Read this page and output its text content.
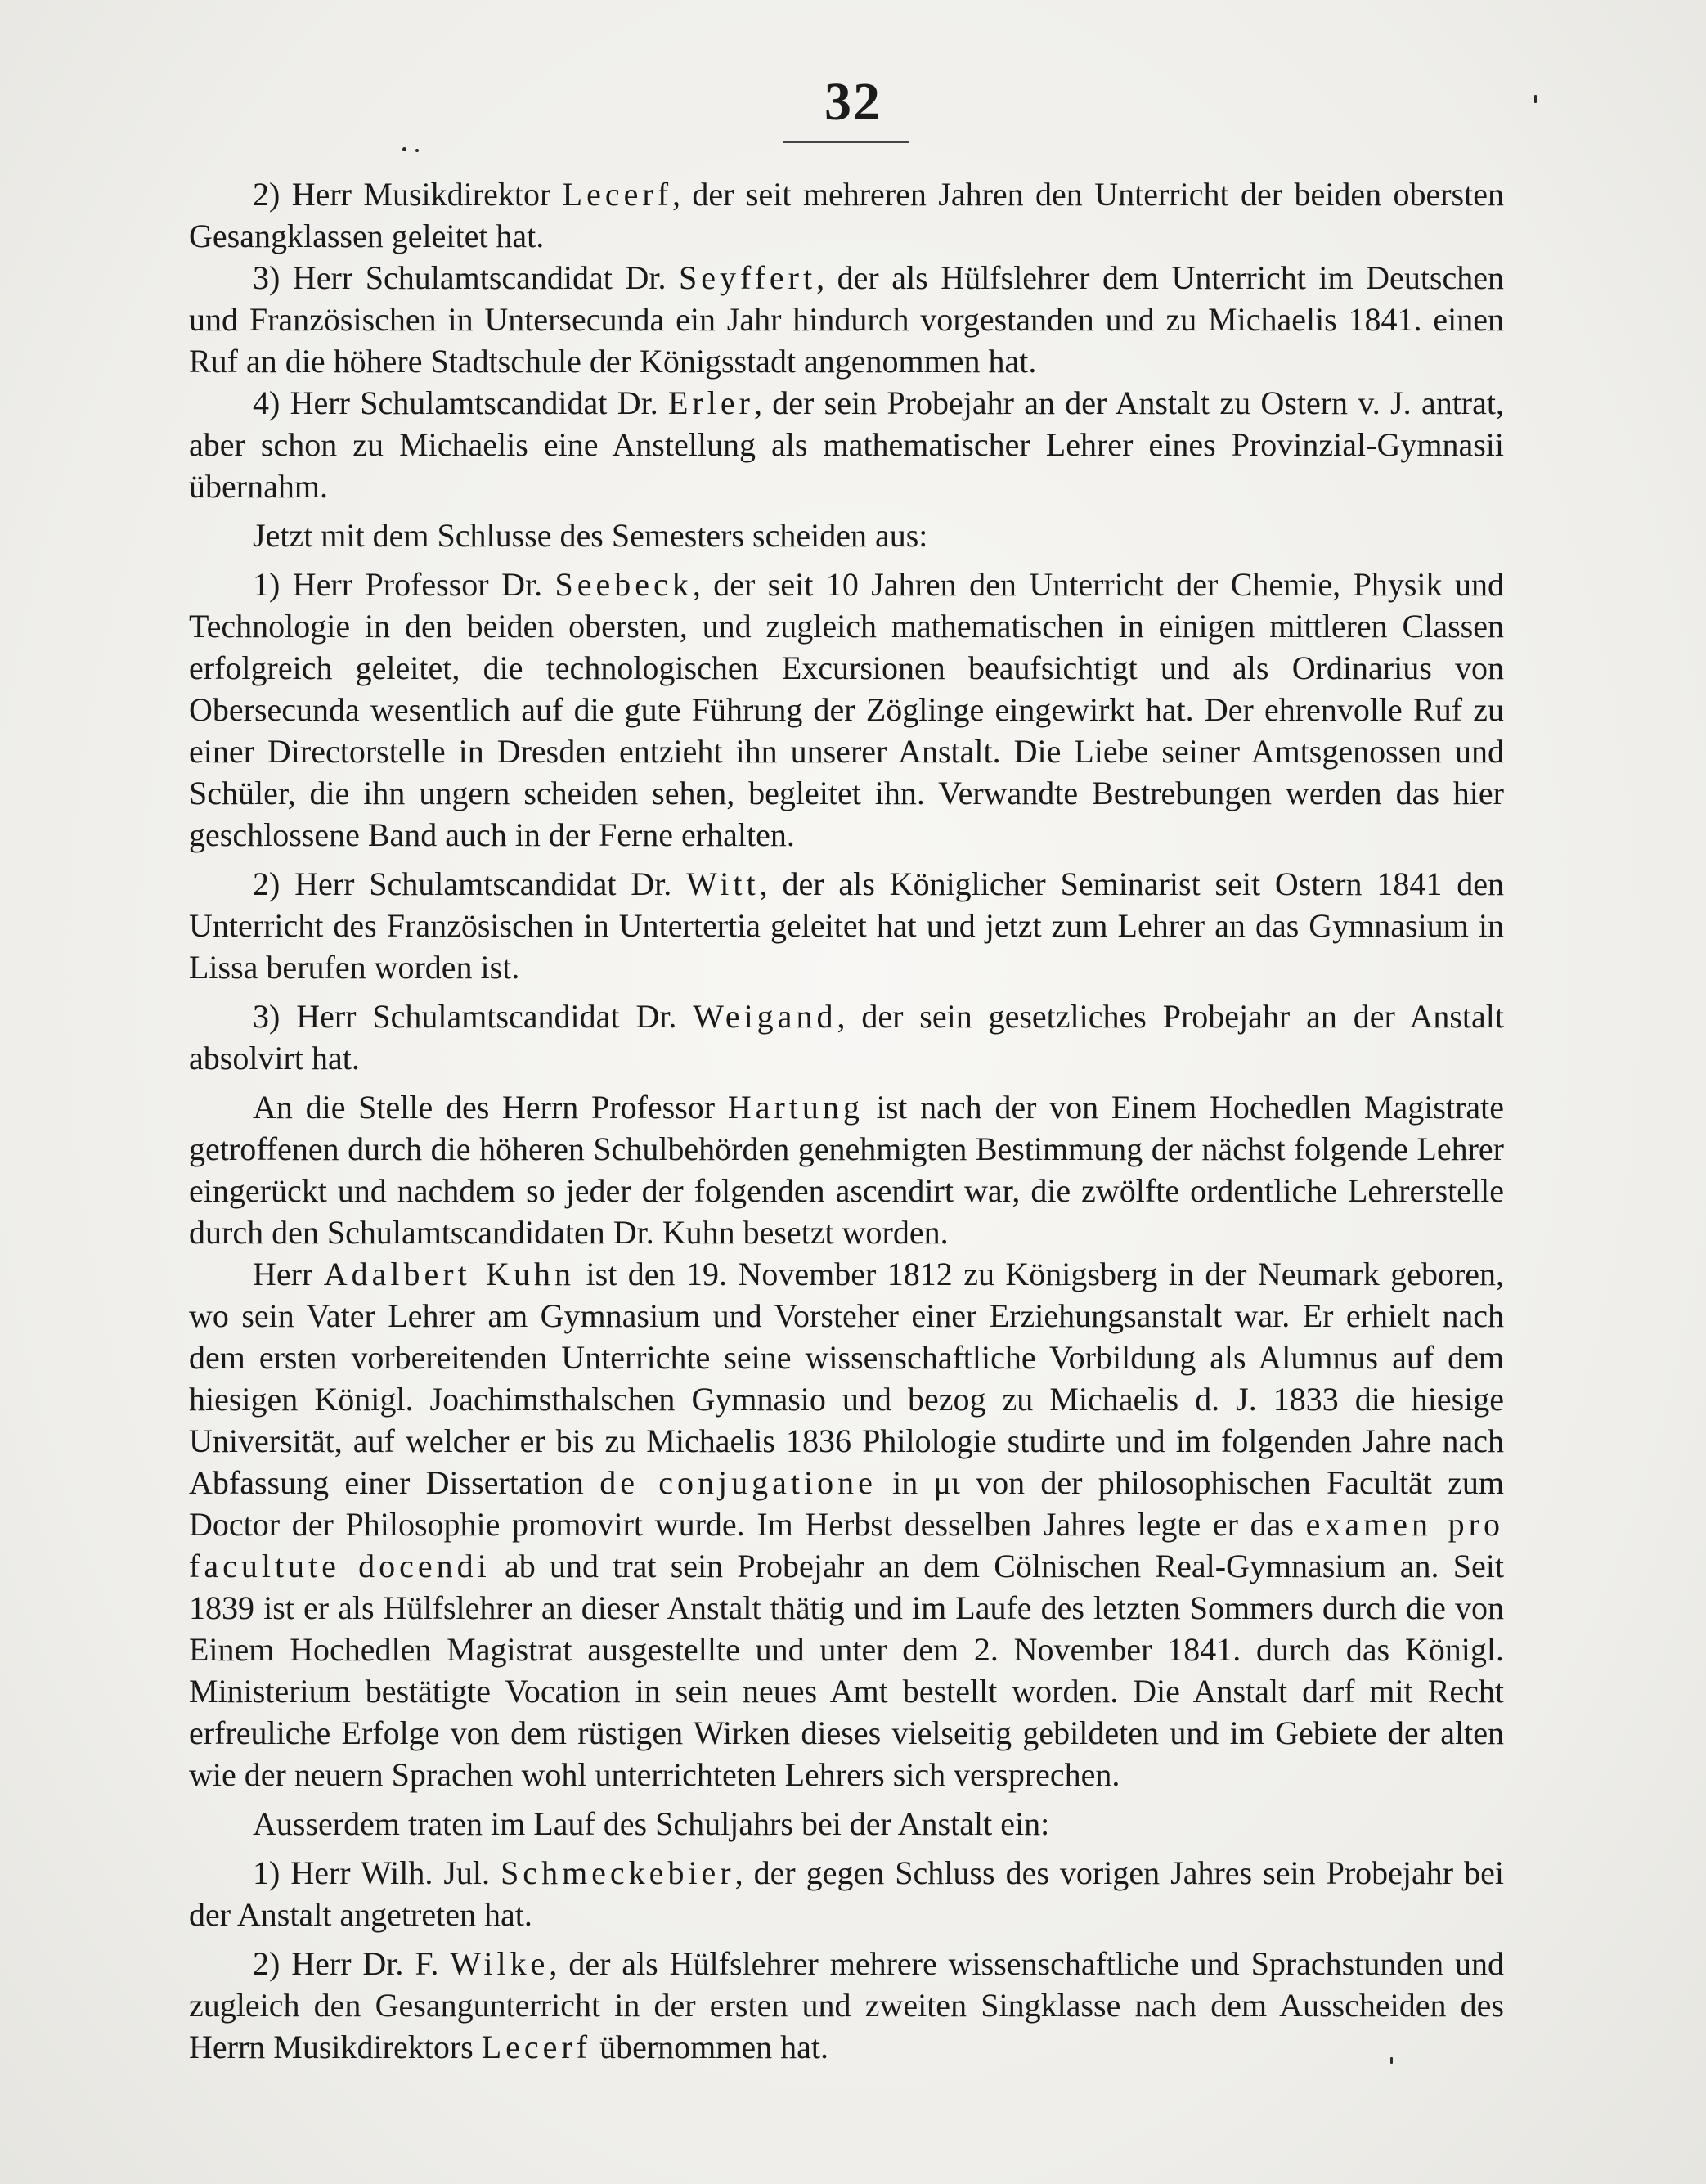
32

2) Herr Musikdirektor Lecerf, der seit mehreren Jahren den Unterricht der beiden obersten Gesangklassen geleitet hat.

3) Herr Schulamtscandidat Dr. Seyffert, der als Hülfslehrer dem Unterricht im Deutschen und Französischen in Untersecunda ein Jahr hindurch vorgestanden und zu Michaelis 1841. einen Ruf an die höhere Stadtschule der Königsstadt angenommen hat.

4) Herr Schulamtscandidat Dr. Erler, der sein Probejahr an der Anstalt zu Ostern v. J. antrat, aber schon zu Michaelis eine Anstellung als mathematischer Lehrer eines Provinzial-Gymnasii übernahm.

Jetzt mit dem Schlusse des Semesters scheiden aus:

1) Herr Professor Dr. Seebeck, der seit 10 Jahren den Unterricht der Chemie, Physik und Technologie in den beiden obersten, und zugleich mathematischen in einigen mittleren Classen erfolgreich geleitet, die technologischen Excursionen beaufsichtigt und als Ordinarius von Obersecunda wesentlich auf die gute Führung der Zöglinge eingewirkt hat. Der ehrenvolle Ruf zu einer Directorstelle in Dresden entzieht ihn unserer Anstalt. Die Liebe seiner Amtsgenossen und Schüler, die ihn ungern scheiden sehen, begleitet ihn. Verwandte Bestrebungen werden das hier geschlossene Band auch in der Ferne erhalten.

2) Herr Schulamtscandidat Dr. Witt, der als Königlicher Seminarist seit Ostern 1841 den Unterricht des Französischen in Untertertia geleitet hat und jetzt zum Lehrer an das Gymnasium in Lissa berufen worden ist.

3) Herr Schulamtscandidat Dr. Weigand, der sein gesetzliches Probejahr an der Anstalt absolvirt hat.

An die Stelle des Herrn Professor Hartung ist nach der von Einem Hochedlen Magistrate getroffenen durch die höheren Schulbehörden genehmigten Bestimmung der nächst folgende Lehrer eingerückt und nachdem so jeder der folgenden ascendirt war, die zwölfte ordentliche Lehrerstelle durch den Schulamtscandidaten Dr. Kuhn besetzt worden.

Herr Adalbert Kuhn ist den 19. November 1812 zu Königsberg in der Neumark geboren, wo sein Vater Lehrer am Gymnasium und Vorsteher einer Erziehungsanstalt war. Er erhielt nach dem ersten vorbereitenden Unterrichte seine wissenschaftliche Vorbildung als Alumnus auf dem hiesigen Königl. Joachimsthalschen Gymnasio und bezog zu Michaelis d. J. 1833 die hiesige Universität, auf welcher er bis zu Michaelis 1836 Philologie studirte und im folgenden Jahre nach Abfassung einer Dissertation de conjugatione in μι von der philosophischen Facultät zum Doctor der Philosophie promovirt wurde. Im Herbst desselben Jahres legte er das examen pro facultute docendi ab und trat sein Probejahr an dem Cölnischen Real-Gymnasium an. Seit 1839 ist er als Hülfslehrer an dieser Anstalt thätig und im Laufe des letzten Sommers durch die von Einem Hochedlen Magistrat ausgestellte und unter dem 2. November 1841. durch das Königl. Ministerium bestätigte Vocation in sein neues Amt bestellt worden. Die Anstalt darf mit Recht erfreuliche Erfolge von dem rüstigen Wirken dieses vielseitig gebildeten und im Gebiete der alten wie der neuern Sprachen wohl unterrichteten Lehrers sich versprechen.

Ausserdem traten im Lauf des Schuljahrs bei der Anstalt ein:

1) Herr Wilh. Jul. Schmeckebier, der gegen Schluss des vorigen Jahres sein Probejahr bei der Anstalt angetreten hat.

2) Herr Dr. F. Wilke, der als Hülfslehrer mehrere wissenschaftliche und Sprachstunden und zugleich den Gesangunterricht in der ersten und zweiten Singklasse nach dem Ausscheiden des Herrn Musikdirektors Lecerf übernommen hat.
